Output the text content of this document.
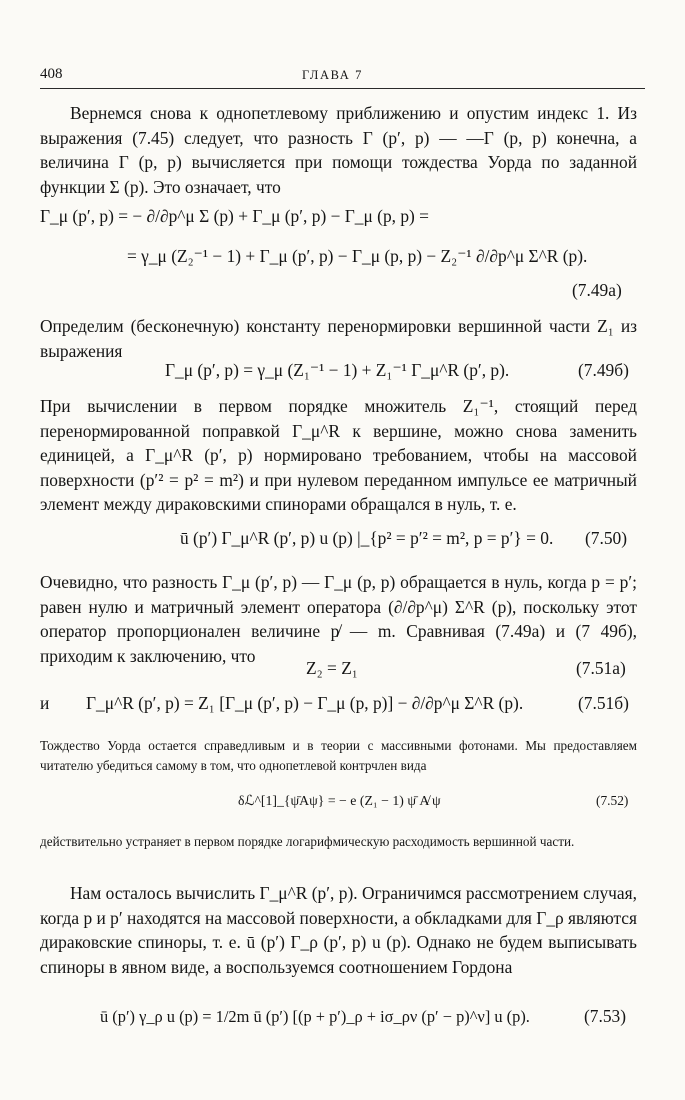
408	ГЛАВА 7

Вернемся снова к однопетлевому приближению и опустим индекс 1. Из выражения (7.45) следует, что разность Γ (p′, p) — —Γ (p, p) конечна, а величина Γ (p, p) вычисляется при помощи тождества Уорда по заданной функции Σ (p). Это означает, что

Γ_μ (p′, p) = − ∂/∂p^μ Σ (p) + Γ_μ (p′, p) − Γ_μ (p, p) =
= γ_μ (Z₂⁻¹ − 1) + Γ_μ (p′, p) − Γ_μ (p, p) − Z₂⁻¹ ∂/∂p^μ Σ^R (p).
(7.49а)

Определим (бесконечную) константу перенормировки вершинной части Z₁ из выражения

Γ_μ (p′, p) = γ_μ (Z₁⁻¹ − 1) + Z₁⁻¹ Γ_μ^R (p′, p).	(7.49б)

При вычислении в первом порядке множитель Z₁⁻¹, стоящий перед перенормированной поправкой Γ_μ^R к вершине, можно снова заменить единицей, а Γ_μ^R (p′, p) нормировано требованием, чтобы на массовой поверхности (p′² = p² = m²) и при нулевом переданном импульсе ее матричный элемент между дираковскими спинорами обращался в нуль, т. е.

ū (p′) Γ_μ^R (p′, p) u (p) |_{p² = p′² = m², p = p′} = 0. (7.50)

Очевидно, что разность Γ_μ (p′, p) — Γ_μ (p, p) обращается в нуль, когда p = p′; равен нулю и матричный элемент оператора (∂/∂p^μ) Σ^R (p), поскольку этот оператор пропорционален величине p̸ — m. Сравнивая (7.49а) и (7 49б), приходим к заключению, что

Z₂ = Z₁	(7.51а)
и Γ_μ^R (p′, p) = Z₁ [Γ_μ (p′, p) − Γ_μ (p, p)] − ∂/∂p^μ Σ^R (p).	(7.51б)

Тождество Уорда остается справедливым и в теории с массивными фотонами. Мы предоставляем читателю убедиться самому в том, что однопетлевой контрчлен вида

δℒ^[1]_{ψ̄Aψ} = − e (Z₁ − 1) ψ̄ A̸ ψ	(7.52)

действительно устраняет в первом порядке логарифмическую расходимость вершинной части.

Нам осталось вычислить Γ_μ^R (p′, p). Ограничимся рассмотрением случая, когда p и p′ находятся на массовой поверхности, а обкладками для Γ_ρ являются дираковские спиноры, т. е. ū (p′) Γ_ρ (p′, p) u (p). Однако не будем выписывать спиноры в явном виде, а воспользуемся соотношением Гордона

ū (p′) γ_ρ u (p) = 1/2m ū (p′) [(p + p′)_ρ + iσ_ρν (p′ − p)^ν] u (p).	(7.53)
